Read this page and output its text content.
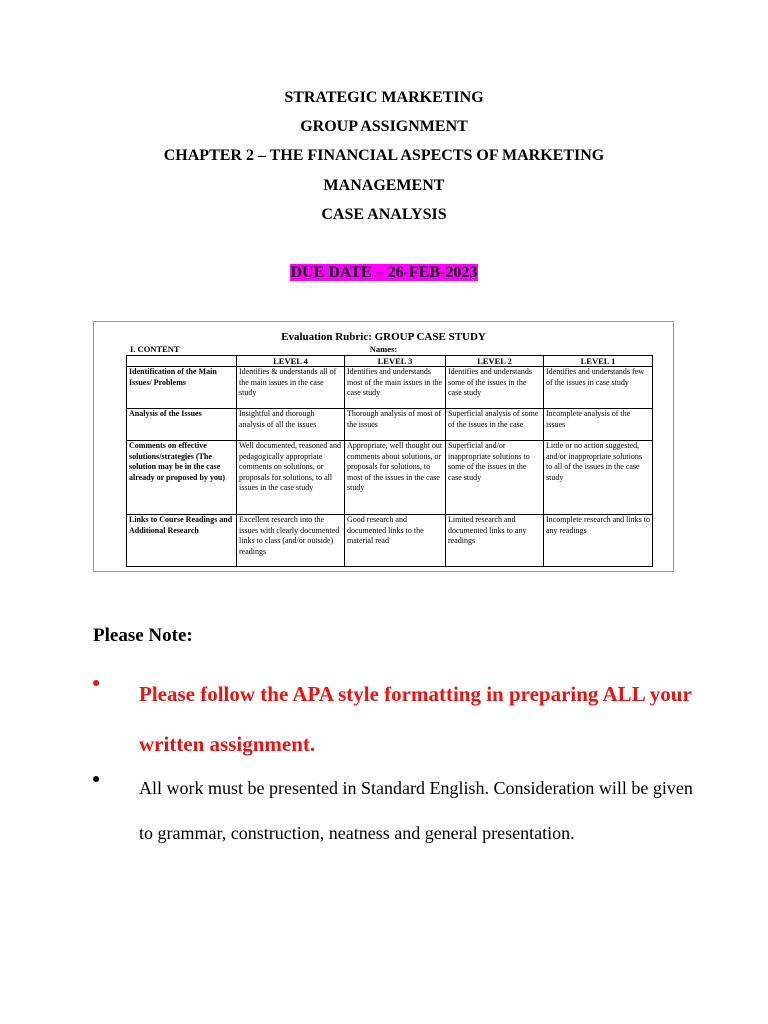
STRATEGIC MARKETING
GROUP ASSIGNMENT
CHAPTER 2 – THE FINANCIAL ASPECTS OF MARKETING
MANAGEMENT
CASE ANALYSIS
DUE DATE – 26-FEB-2023
Evaluation Rubric: GROUP CASE STUDY
I. CONTENT	Names:
	LEVEL 4	LEVEL 3	LEVEL 2	LEVEL 1
Identification of the Main Issues/ Problems	Identifies & understands all of the main issues in the case study	Identifies and understands most of the main issues in the case study	Identifies and understands some of the issues in the case study	Identifies and understands few of the issues in case study
Analysis of the Issues	Insightful and thorough analysis of all the issues	Thorough analysis of most of the issues	Superficial analysis of some of the issues in the case	Incomplete analysis of the issues
Comments on effective solutions/strategies (The solution may be in the case already or proposed by you)	Well documented, reasoned and pedagogically appropriate comments on solutions, or proposals for solutions, to all issues in the case study	Appropriate, well thought out comments about solutions, or proposals for solutions, to most of the issues in the case study	Superficial and/or inappropriate solutions to some of the issues in the case study	Little or no action suggested, and/or inappropriate solutions to all of the issues in the case study
Links to Course Readings and Additional Research	Excellent research into the issues with clearly documented links to class (and/or outside) readings	Good research and documented links to the material read	Limited research and documented links to any readings	Incomplete research and links to any readings
Please Note:
● Please follow the APA style formatting in preparing ALL your written assignment.
● All work must be presented in Standard English. Consideration will be given to grammar, construction, neatness and general presentation.
